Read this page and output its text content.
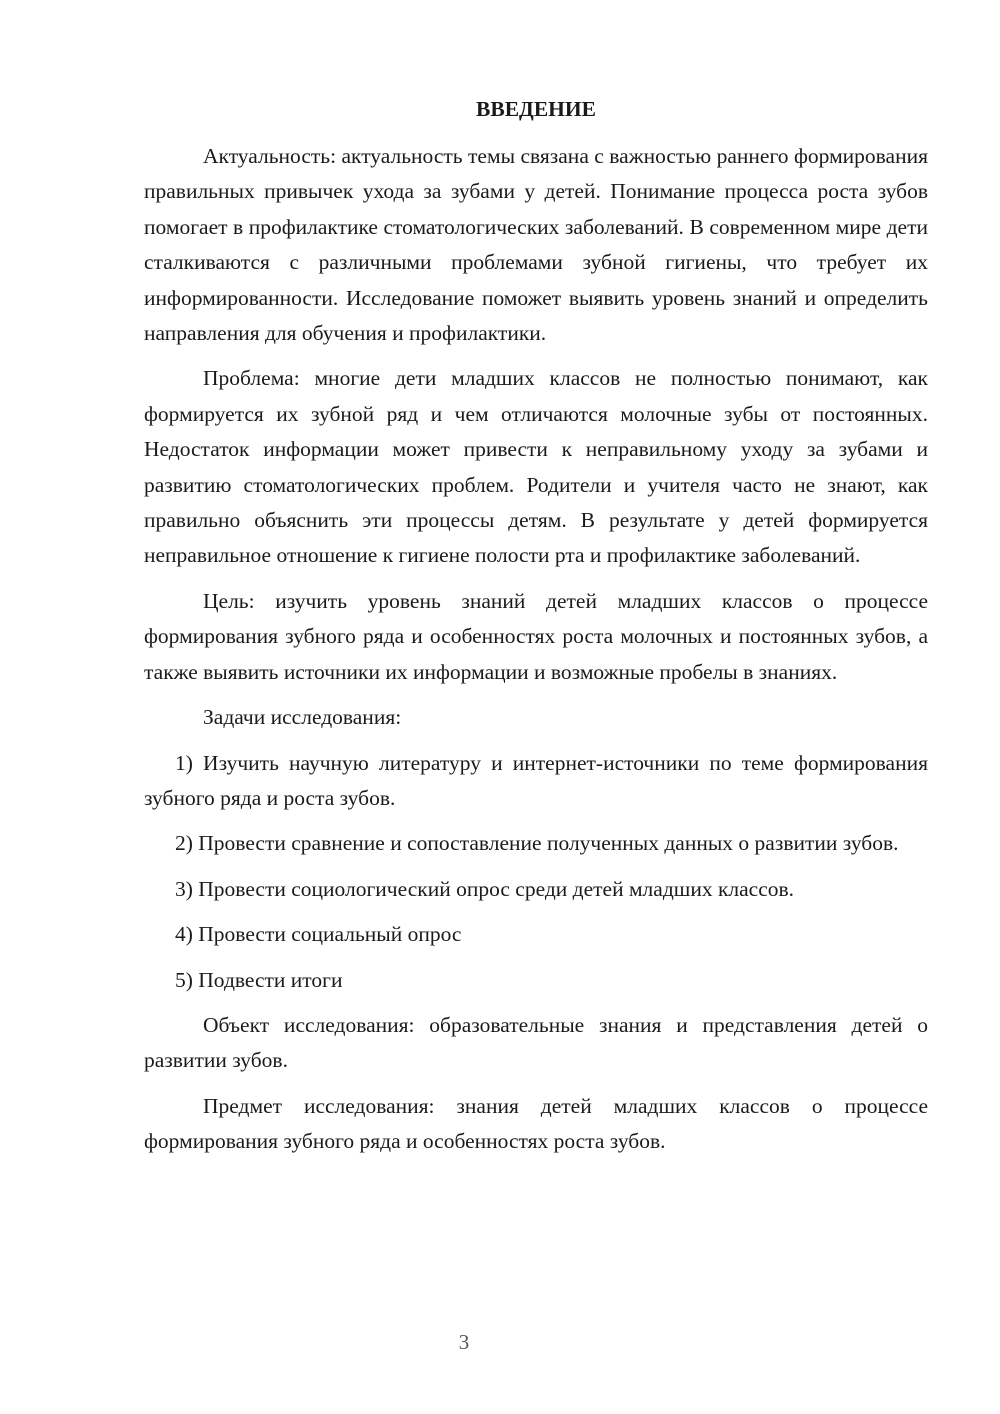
ВВЕДЕНИЕ

Актуальность: актуальность темы связана с важностью раннего формирования правильных привычек ухода за зубами у детей. Понимание процесса роста зубов помогает в профилактике стоматологических заболеваний. В современном мире дети сталкиваются с различными проблемами зубной гигиены, что требует их информированности. Исследование поможет выявить уровень знаний и определить направления для обучения и профилактики.

Проблема: многие дети младших классов не полностью понимают, как формируется их зубной ряд и чем отличаются молочные зубы от постоянных. Недостаток информации может привести к неправильному уходу за зубами и развитию стоматологических проблем. Родители и учителя часто не знают, как правильно объяснить эти процессы детям. В результате у детей формируется неправильное отношение к гигиене полости рта и профилактике заболеваний.

Цель: изучить уровень знаний детей младших классов о процессе формирования зубного ряда и особенностях роста молочных и постоянных зубов, а также выявить источники их информации и возможные пробелы в знаниях.

Задачи исследования:

1) Изучить научную литературу и интернет-источники по теме формирования зубного ряда и роста зубов.

2) Провести сравнение и сопоставление полученных данных о развитии зубов.

3) Провести социологический опрос среди детей младших классов.

4) Провести социальный опрос

5) Подвести итоги

Объект исследования: образовательные знания и представления детей о развитии зубов.

Предмет исследования: знания детей младших классов о процессе формирования зубного ряда и особенностях роста зубов.

3
